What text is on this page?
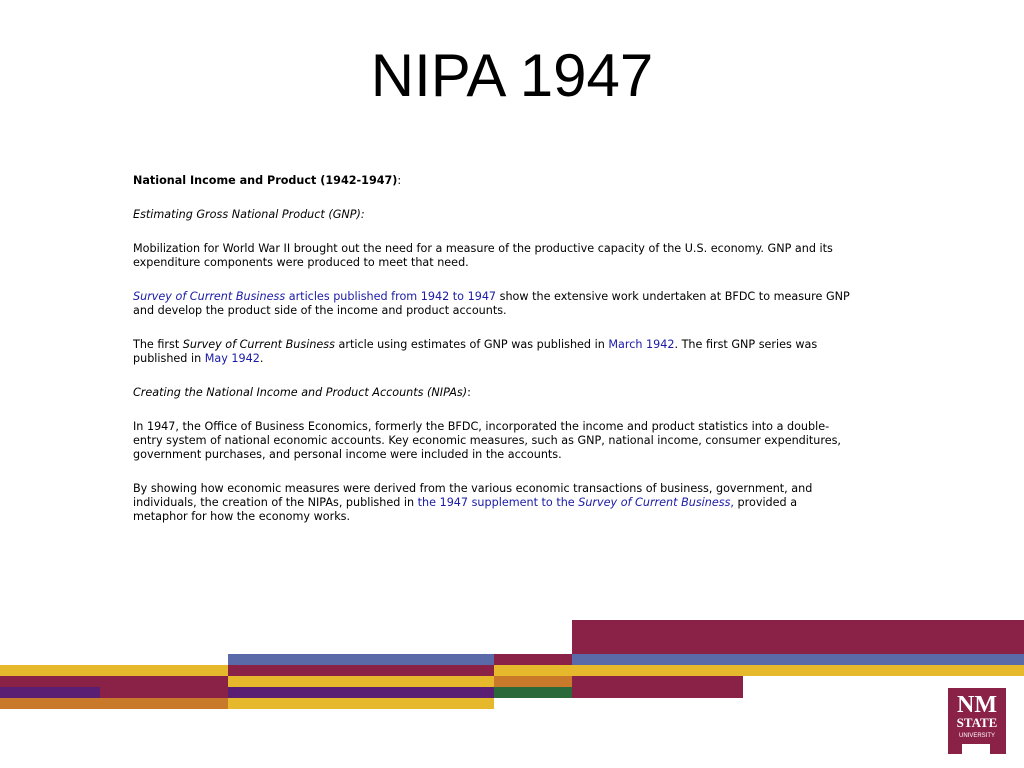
NIPA 1947

National Income and Product (1942-1947):

Estimating Gross National Product (GNP):

Mobilization for World War II brought out the need for a measure of the productive capacity of the U.S. economy. GNP and its expenditure components were produced to meet that need.

Survey of Current Business articles published from 1942 to 1947 show the extensive work undertaken at BFDC to measure GNP and develop the product side of the income and product accounts.

The first Survey of Current Business article using estimates of GNP was published in March 1942. The first GNP series was published in May 1942.

Creating the National Income and Product Accounts (NIPAs):

In 1947, the Office of Business Economics, formerly the BFDC, incorporated the income and product statistics into a double-entry system of national economic accounts. Key economic measures, such as GNP, national income, consumer expenditures, government purchases, and personal income were included in the accounts.

By showing how economic measures were derived from the various economic transactions of business, government, and individuals, the creation of the NIPAs, published in the 1947 supplement to the Survey of Current Business, provided a metaphor for how the economy works.

NM
STATE
UNIVERSITY
